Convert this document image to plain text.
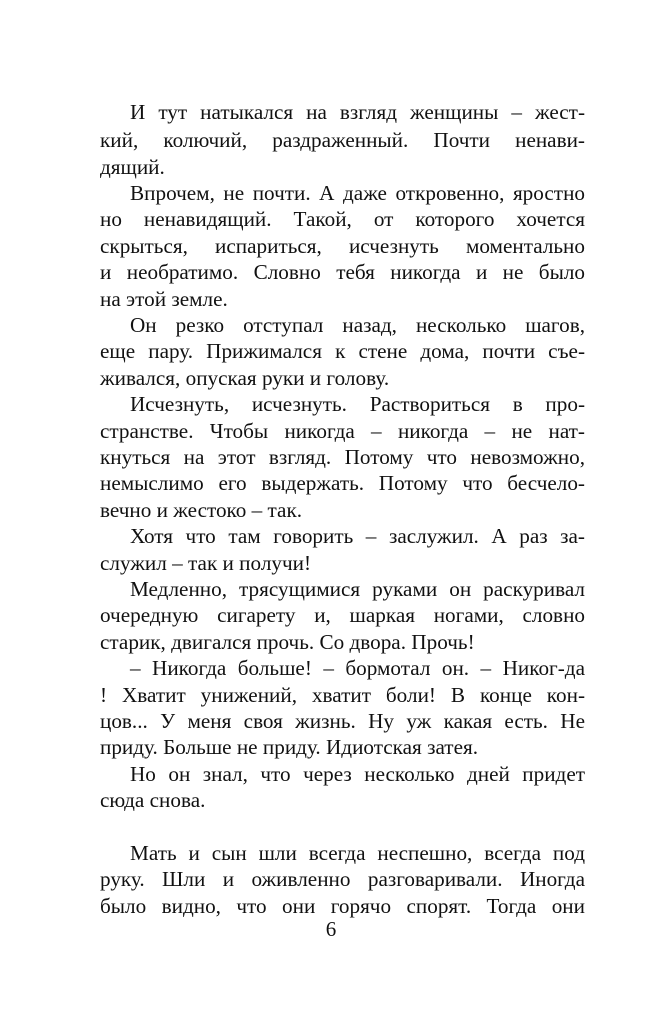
И тут натыкался на взгляд женщины – жест-
кий, колючий, раздраженный. Почти ненави-
дящий.
Впрочем, не почти. А даже откровенно, яростно
но ненавидящий. Такой, от которого хочется
скрыться, испариться, исчезнуть моментально
и необратимо. Словно тебя никогда и не было
на этой земле.
Он резко отступал назад, несколько шагов,
еще пару. Прижимался к стене дома, почти съе-
живался, опуская руки и голову.
Исчезнуть, исчезнуть. Раствориться в про-
странстве. Чтобы никогда – никогда – не нат-
кнуться на этот взгляд. Потому что невозможно,
немыслимо его выдержать. Потому что бесчело-
вечно и жестоко – так.
Хотя что там говорить – заслужил. А раз за-
служил – так и получи!
Медленно, трясущимися руками он раскуривал
очередную сигарету и, шаркая ногами, словно
старик, двигался прочь. Со двора. Прочь!
– Никогда больше! – бормотал он. – Никог-да
! Хватит унижений, хватит боли! В конце кон-
цов... У меня своя жизнь. Ну уж какая есть. Не
приду. Больше не приду. Идиотская затея.
Но он знал, что через несколько дней придет
сюда снова.
Мать и сын шли всегда неспешно, всегда под
руку. Шли и оживленно разговаривали. Иногда
было видно, что они горячо спорят. Тогда они
6
